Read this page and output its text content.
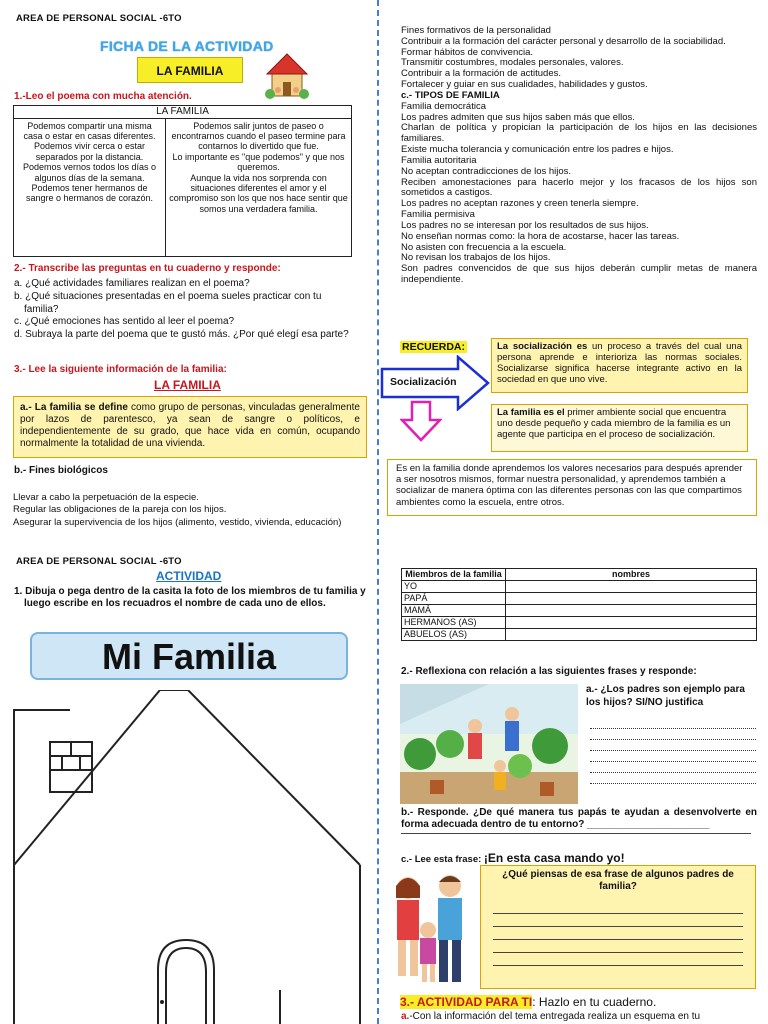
AREA DE PERSONAL SOCIAL -6TO
FICHA DE LA ACTIVIDAD
LA FAMILIA
1.-Leo el poema con mucha atención.
LA FAMILIA

Podemos compartir una misma casa o estar en casas diferentes.
Podemos vivir cerca o estar separados por la distancia.
Podemos vernos todos los días o algunos días de la semana.
Podemos tener hermanos de sangre o hermanos de corazón.

Podemos salir juntos de paseo o encontrarnos cuando el paseo termine para contarnos lo divertido que fue.
Lo importante es "que podemos" y que nos queremos.
Aunque la vida nos sorprenda con situaciones diferentes el amor y el compromiso son los que nos hace sentir que somos una verdadera familia.
2.- Transcribe las preguntas en tu cuaderno y responde:
a. ¿Qué actividades familiares realizan en el poema?
b. ¿Qué situaciones presentadas en el poema sueles practicar con tu familia?
c. ¿Qué emociones has sentido al leer el poema?
d. Subraya la parte del poema que te gustó más. ¿Por qué elegí esa parte?
3.- Lee la siguiente información de la familia:
LA FAMILIA
a.- La familia se define como grupo de personas, vinculadas generalmente por lazos de parentesco, ya sean de sangre o políticos, e independientemente de su grado, que hace vida en común, ocupando normalmente la totalidad de una vivienda.
b.- Fines biológicos
Llevar a cabo la perpetuación de la especie.
Regular las obligaciones de la pareja con los hijos.
Asegurar la supervivencia de los hijos (alimento, vestido, vivienda, educación)
Fines formativos de la personalidad
Contribuir a la formación del carácter personal y desarrollo de la sociabilidad.
Formar hábitos de convivencia.
Transmitir costumbres, modales personales, valores.
Contribuir a la formación de actitudes.
Fortalecer y guiar en sus cualidades, habilidades y gustos.
c.- TIPOS DE FAMILIA
Familia democrática
Los padres admiten que sus hijos saben más que ellos.
Charlan de política y propician la participación de los hijos en las decisiones familiares.
Existe mucha tolerancia y comunicación entre los padres e hijos.
Familia autoritaria
No aceptan contradicciones de los hijos.
Reciben amonestaciones para hacerlo mejor y los fracasos de los hijos son sometidos a castigos.
Los padres no aceptan razones y creen tenerla siempre.
Familia permisiva
Los padres no se interesan por los resultados de sus hijos.
No enseñan normas como: la hora de acostarse, hacer las tareas.
No asisten con frecuencia a la escuela.
No revisan los trabajos de los hijos.
Son padres convencidos de que sus hijos deberán cumplir metas de manera independiente.
RECUERDA:
Socialización
La socialización es un proceso a través del cual una persona aprende e interioriza las normas sociales. Socializarse significa hacerse integrante activo en la sociedad en que uno vive.
La familia es el primer ambiente social que encuentra uno desde pequeño y cada miembro de la familia es un agente que participa en el proceso de socialización.
Es en la familia donde aprendemos los valores necesarios para después aprender a ser nosotros mismos, formar nuestra personalidad, y aprendemos también a socializar de manera óptima con las diferentes personas con las que compartimos ambientes como la escuela, entre otros.
AREA DE PERSONAL SOCIAL -6TO
ACTIVIDAD
1. Dibuja o pega dentro de la casita la foto de los miembros de tu familia y luego escribe en los recuadros el nombre de cada uno de ellos.
Mi Familia
Miembros de la familia	nombres
YO	
PAPÁ	
MAMÁ	
HERMANOS (AS)	
ABUELOS (AS)	
2.- Reflexiona con relación a las siguientes frases y responde:
a.- ¿Los padres son ejemplo para los hijos? SI/NO justifica
b.- Responde. ¿De qué manera tus papás te ayudan a desenvolverte en forma adecuada dentro de tu entorno? ______________________
c.- Lee esta frase: ¡En esta casa mando yo!
¿Qué piensas de esa frase de algunos padres de familia?
3.- ACTIVIDAD PARA TI: Hazlo en tu cuaderno.
a.-Con la información del tema entregada realiza un esquema en tu
